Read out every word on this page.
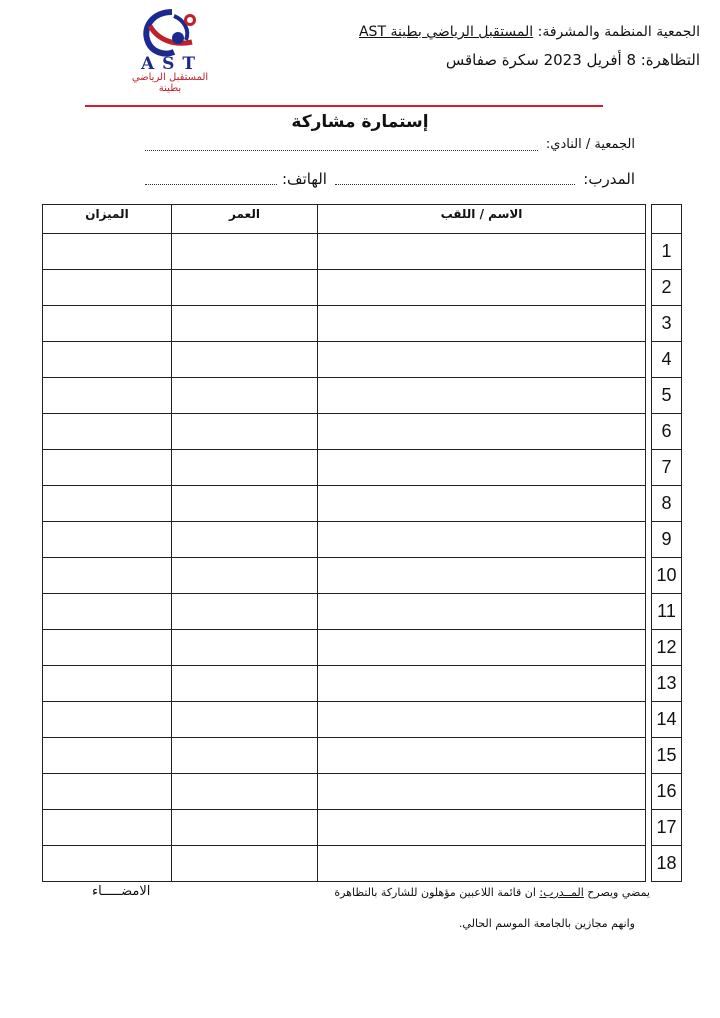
AST
المستقبل الرياضي بطينة
الجمعية المنظمة والمشرفة: المستقبل الرياضي بطينة AST
التظاهرة: 8 أفريل 2023 سكرة صفاقس
إستمارة مشاركة
الجمعية / النادي:
المدرب:
الهاتف:
الميزان	العمر	الاسم / اللقب		
				1
				2
				3
				4
				5
				6
				7
				8
				9
				10
				11
				12
				13
				14
				15
				16
				17
				18
الامضـــــاء	يمضي ويصرح المــدرب: ان قائمة اللاعبين مؤهلون للشاركة بالتظاهرة
وانهم مجازين بالجامعة الموسم الحالي.
